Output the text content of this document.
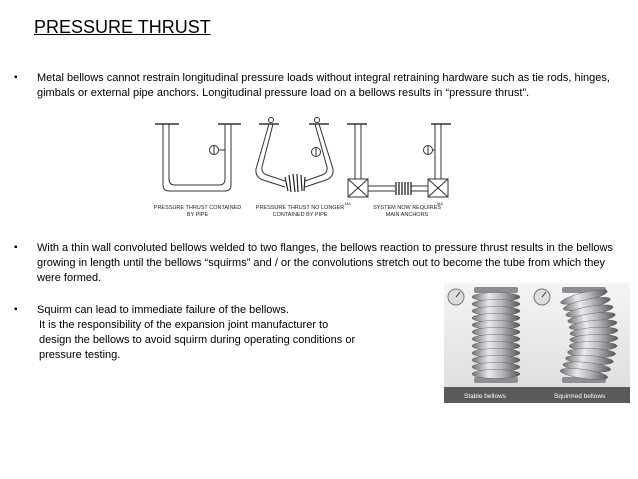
PRESSURE THRUST
▪ Metal bellows cannot restrain longitudinal pressure loads without integral retraining hardware such as tie rods, hinges, gimbals or external pipe anchors. Longitudinal pressure load on a bellows results in “pressure thrust”.
MA	MA
PRESSURE THRUST CONTAINED
BY PIPE
PRESSURE THRUST NO LONGER
CONTAINED BY PIPE
SYSTEM NOW REQUIRES
MAIN ANCHORS
▪ With a thin wall convoluted bellows welded to two flanges, the bellows reaction to pressure thrust results in the bellows growing in length until the bellows “squirms” and / or the convolutions stretch out to become the tube from which they were formed.
▪ Squirm can lead to immediate failure of the bellows.
It is the responsibility of the expansion joint manufacturer to
design the bellows to avoid squirm during operating conditions or
pressure testing.
Stable bellows	Squirmed bellows
